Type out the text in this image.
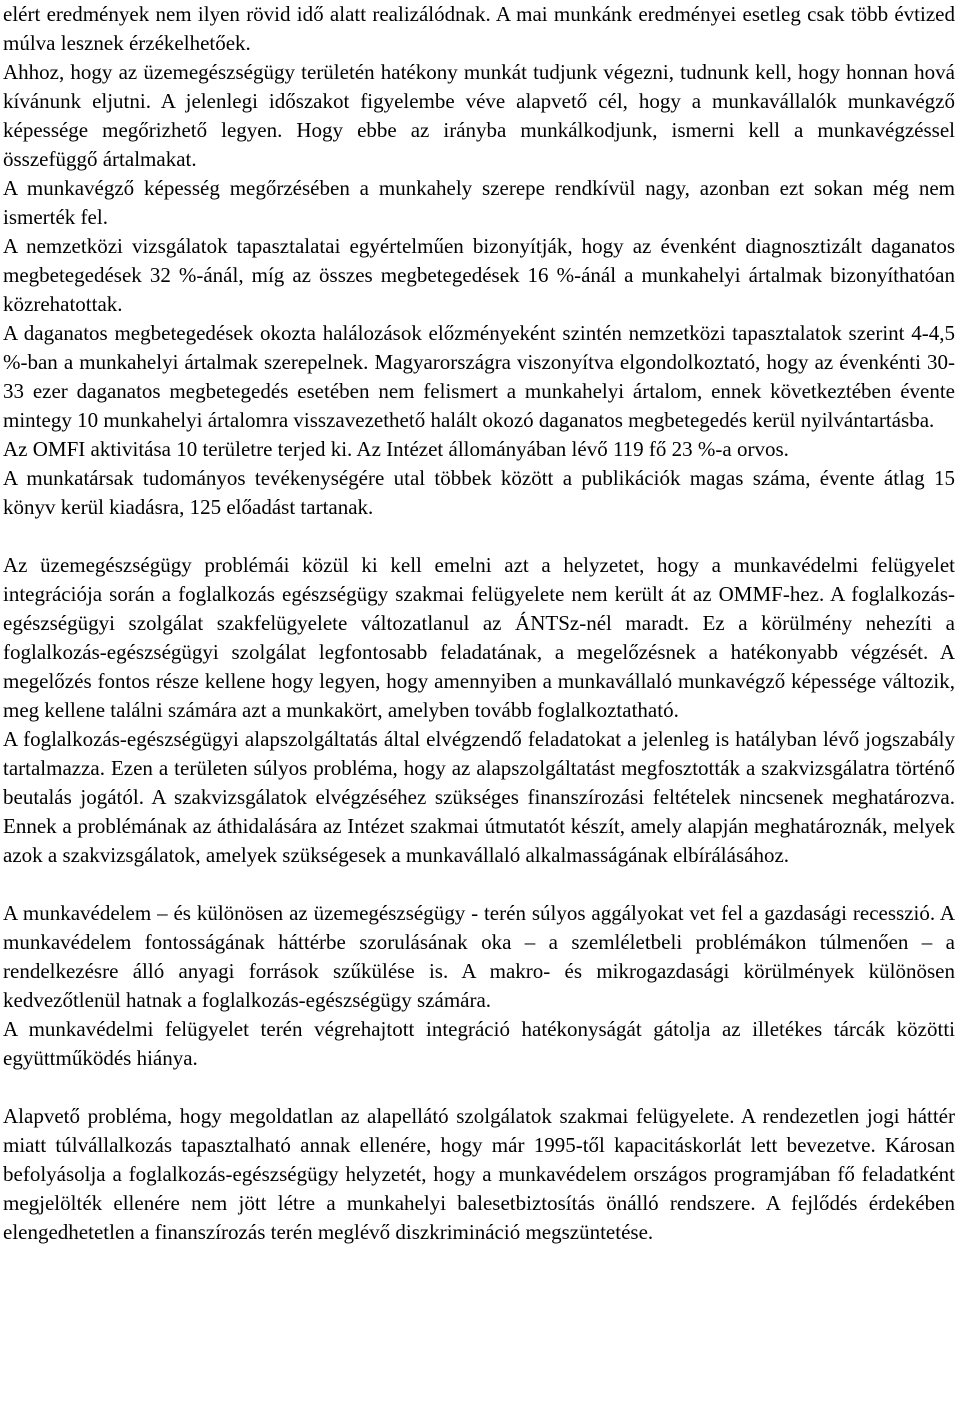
elért eredmények nem ilyen rövid idő alatt realizálódnak. A mai munkánk eredményei esetleg csak több évtized múlva lesznek érzékelhetőek.

Ahhoz, hogy az üzemegészségügy területén hatékony munkát tudjunk végezni, tudnunk kell, hogy honnan hová kívánunk eljutni. A jelenlegi időszakot figyelembe véve alapvető cél, hogy a munkavállalók munkavégző képessége megőrizhető legyen. Hogy ebbe az irányba munkálkodjunk, ismerni kell a munkavégzéssel összefüggő ártalmakat.

A munkavégző képesség megőrzésében a munkahely szerepe rendkívül nagy, azonban ezt sokan még nem ismerték fel.

A nemzetközi vizsgálatok tapasztalatai egyértelműen bizonyítják, hogy az évenként diagnosztizált daganatos megbetegedések 32 %-ánál, míg az összes megbetegedések 16 %-ánál a munkahelyi ártalmak bizonyíthatóan közrehatottak.

A daganatos megbetegedések okozta halálozások előzményeként szintén nemzetközi tapasztalatok szerint 4-4,5 %-ban a munkahelyi ártalmak szerepelnek. Magyarországra viszonyítva elgondolkoztató, hogy az évenkénti 30-33 ezer daganatos megbetegedés esetében nem felismert a munkahelyi ártalom, ennek következtében évente mintegy 10 munkahelyi ártalomra visszavezethető halált okozó daganatos megbetegedés kerül nyilvántartásba.

Az OMFI aktivitása 10 területre terjed ki. Az Intézet állományában lévő 119 fő 23 %-a orvos.

A munkatársak tudományos tevékenységére utal többek között a publikációk magas száma, évente átlag 15 könyv kerül kiadásra, 125 előadást tartanak.

Az üzemegészségügy problémái közül ki kell emelni azt a helyzetet, hogy a munkavédelmi felügyelet integrációja során a foglalkozás egészségügy szakmai felügyelete nem került át az OMMF-hez. A foglalkozás-egészségügyi szolgálat szakfelügyelete változatlanul az ÁNTSz-nél maradt. Ez a körülmény nehezíti a foglalkozás-egészségügyi szolgálat legfontosabb feladatának, a megelőzésnek a hatékonyabb végzését. A megelőzés fontos része kellene hogy legyen, hogy amennyiben a munkavállaló munkavégző képessége változik, meg kellene találni számára azt a munkakört, amelyben tovább foglalkoztatható.

A foglalkozás-egészségügyi alapszolgáltatás által elvégzendő feladatokat a jelenleg is hatályban lévő jogszabály tartalmazza. Ezen a területen súlyos probléma, hogy az alapszolgáltatást megfosztották a szakvizsgálatra történő beutalás jogától. A szakvizsgálatok elvégzéséhez szükséges finanszírozási feltételek nincsenek meghatározva. Ennek a problémának az áthidalására az Intézet szakmai útmutatót készít, amely alapján meghatároznák, melyek azok a szakvizsgálatok, amelyek szükségesek a munkavállaló alkalmasságának elbírálásához.

A munkavédelem – és különösen az üzemegészségügy - terén súlyos aggályokat vet fel a gazdasági recesszió. A munkavédelem fontosságának háttérbe szorulásának oka – a szemléletbeli problémákon túlmenően – a rendelkezésre álló anyagi források szűkülése is. A makro- és mikrogazdasági körülmények különösen kedvezőtlenül hatnak a foglalkozás-egészségügy számára.

A munkavédelmi felügyelet terén végrehajtott integráció hatékonyságát gátolja az illetékes tárcák közötti együttműködés hiánya.

Alapvető probléma, hogy megoldatlan az alapellátó szolgálatok szakmai felügyelete. A rendezetlen jogi háttér miatt túlvállalkozás tapasztalható annak ellenére, hogy már 1995-től kapacitáskorlát lett bevezetve. Károsan befolyásolja a foglalkozás-egészségügy helyzetét, hogy a munkavédelem országos programjában fő feladatként megjelölték ellenére nem jött létre a munkahelyi balesetbiztosítás önálló rendszere. A fejlődés érdekében elengedhetetlen a finanszírozás terén meglévő diszkrimináció megszüntetése.
